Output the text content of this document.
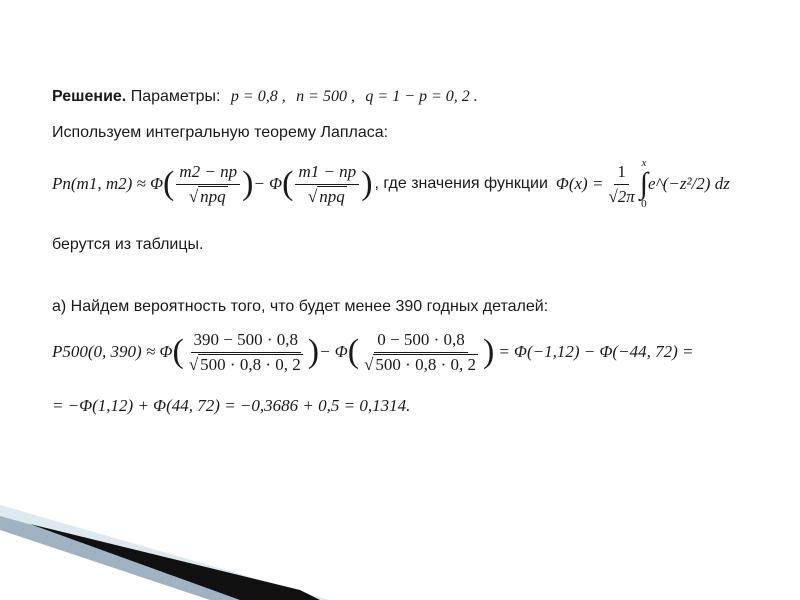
Решение. Параметры: p = 0,8 , n = 500 , q = 1 − p = 0, 2 .
Используем интегральную теорему Лапласа:
Pn(m1, m2) ≈ Φ ( $\frac{m2 - np}{\text{√ npq}}$ ) − Φ ( $\frac{m1 - np}{\text{√ npq}}$ ) , где значения функции $\Phi(x) = \frac{1}{√2\pi}$ x
∫
0
e^(−z²/2) dz
берутся из таблицы.
а) Найдем вероятность того, что будет менее 390 годных деталей:
P500(0, 390) ≈ Φ ( $\frac{390 - 500 \cdot 0,8}{√ 500 \cdot 0,8 \cdot 0, 2}$ ) − Φ ( $\frac{0 - 500 \cdot 0,8}{√ 500 \cdot 0,8 \cdot 0, 2}$ ) = Φ(−1,12) − Φ(−44, 72) =
= −Φ(1,12) + Φ(44, 72) = −0,3686 + 0,5 = 0,1314.
